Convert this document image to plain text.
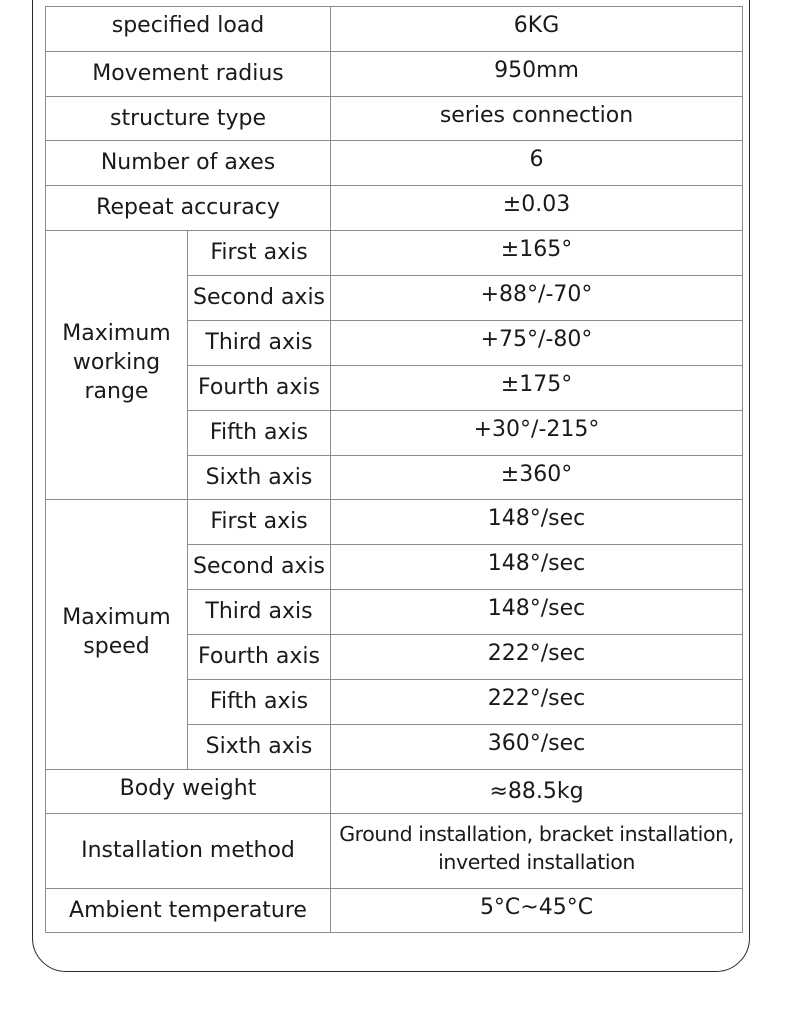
specified load		6KG
Movement radius		950mm
structure type		series connection
Number of axes		6
Repeat accuracy		±0.03
Maximum working range	First axis	±165°
	Second axis	+88°/-70°
	Third axis	+75°/-80°
	Fourth axis	±175°
	Fifth axis	+30°/-215°
	Sixth axis	±360°
Maximum speed	First axis	148°/sec
	Second axis	148°/sec
	Third axis	148°/sec
	Fourth axis	222°/sec
	Fifth axis	222°/sec
	Sixth axis	360°/sec
Body weight		≈88.5kg
Installation method		Ground installation, bracket installation, inverted installation
Ambient temperature		5°C~45°C
